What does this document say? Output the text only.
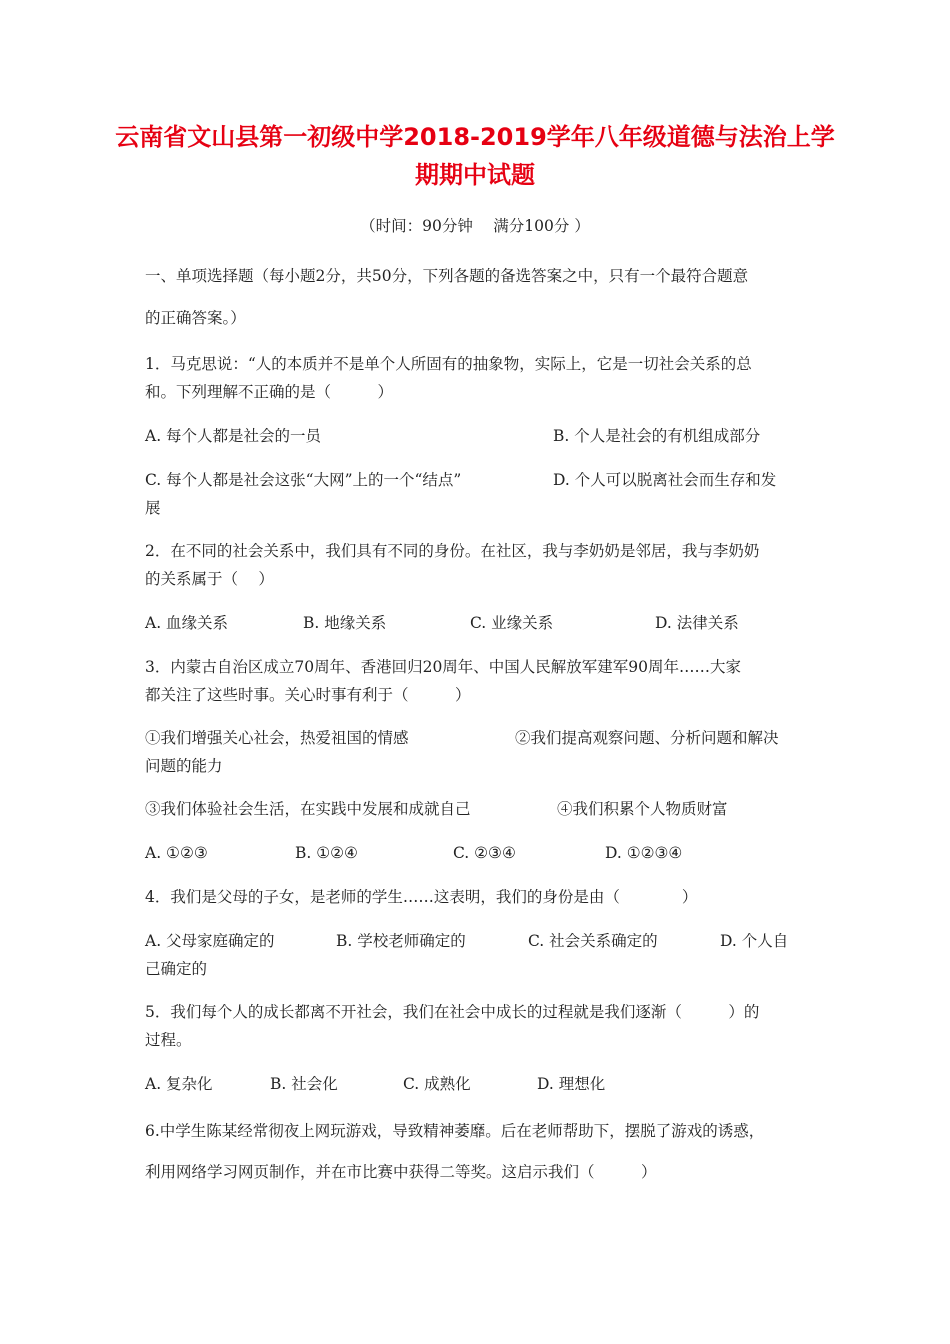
云南省文山县第一初级中学2018-2019学年八年级道德与法治上学
期期中试题
（时间：90分钟　 满分100分 ）
一、单项选择题（每小题2分，共50分，下列各题的备选答案之中，只有一个最符合题意
的正确答案。）
1．马克思说：“人的本质并不是单个人所固有的抽象物，实际上，它是一切社会关系的总
和。下列理解不正确的是（　　　）
A. 每个人都是社会的一员	B. 个人是社会的有机组成部分
C. 每个人都是社会这张“大网”上的一个“结点”	D. 个人可以脱离社会而生存和发
展
2．在不同的社会关系中，我们具有不同的身份。在社区，我与李奶奶是邻居，我与李奶奶
的关系属于（　 ）
A. 血缘关系	B. 地缘关系	C. 业缘关系	D. 法律关系
3．内蒙古自治区成立70周年、香港回归20周年、中国人民解放军建军90周年……大家
都关注了这些时事。关心时事有利于（　　　）
①我们增强关心社会，热爱祖国的情感	②我们提高观察问题、分析问题和解决
问题的能力
③我们体验社会生活，在实践中发展和成就自己	④我们积累个人物质财富
A. ①②③	B. ①②④	C. ②③④	D. ①②③④
4．我们是父母的子女，是老师的学生……这表明，我们的身份是由（　　　　）
A. 父母家庭确定的	B. 学校老师确定的	C. 社会关系确定的	D. 个人自
己确定的
5．我们每个人的成长都离不开社会，我们在社会中成长的过程就是我们逐渐（　　　）的
过程。
A. 复杂化	B. 社会化	C. 成熟化	D. 理想化
6.中学生陈某经常彻夜上网玩游戏，导致精神萎靡。后在老师帮助下，摆脱了游戏的诱惑，
利用网络学习网页制作，并在市比赛中获得二等奖。这启示我们（　　　）
